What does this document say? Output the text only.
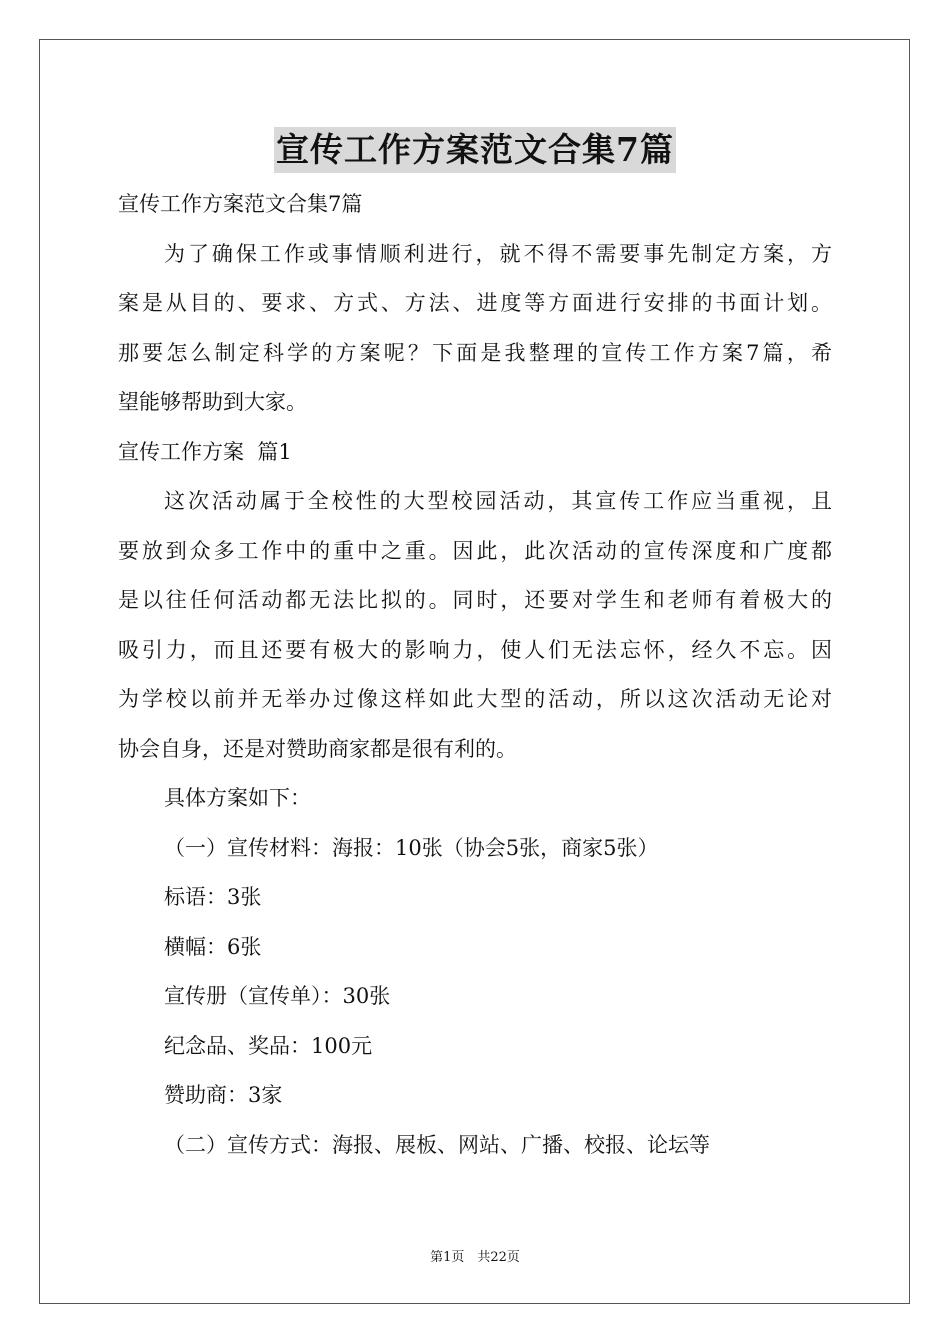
宣传工作方案范文合集7篇
宣传工作方案范文合集7篇
为了确保工作或事情顺利进行，就不得不需要事先制定方案，方
案是从目的、要求、方式、方法、进度等方面进行安排的书面计划。
那要怎么制定科学的方案呢？下面是我整理的宣传工作方案7篇，希
望能够帮助到大家。
宣传工作方案  篇1
这次活动属于全校性的大型校园活动，其宣传工作应当重视，且
要放到众多工作中的重中之重。因此，此次活动的宣传深度和广度都
是以往任何活动都无法比拟的。同时，还要对学生和老师有着极大的
吸引力，而且还要有极大的影响力，使人们无法忘怀，经久不忘。因
为学校以前并无举办过像这样如此大型的活动，所以这次活动无论对
协会自身，还是对赞助商家都是很有利的。
具体方案如下：
（一）宣传材料：海报：10张（协会5张，商家5张）
标语：3张
横幅：6张
宣传册（宣传单）：30张
纪念品、奖品：100元
赞助商：3家
（二）宣传方式：海报、展板、网站、广播、校报、论坛等
第1页　共22页
